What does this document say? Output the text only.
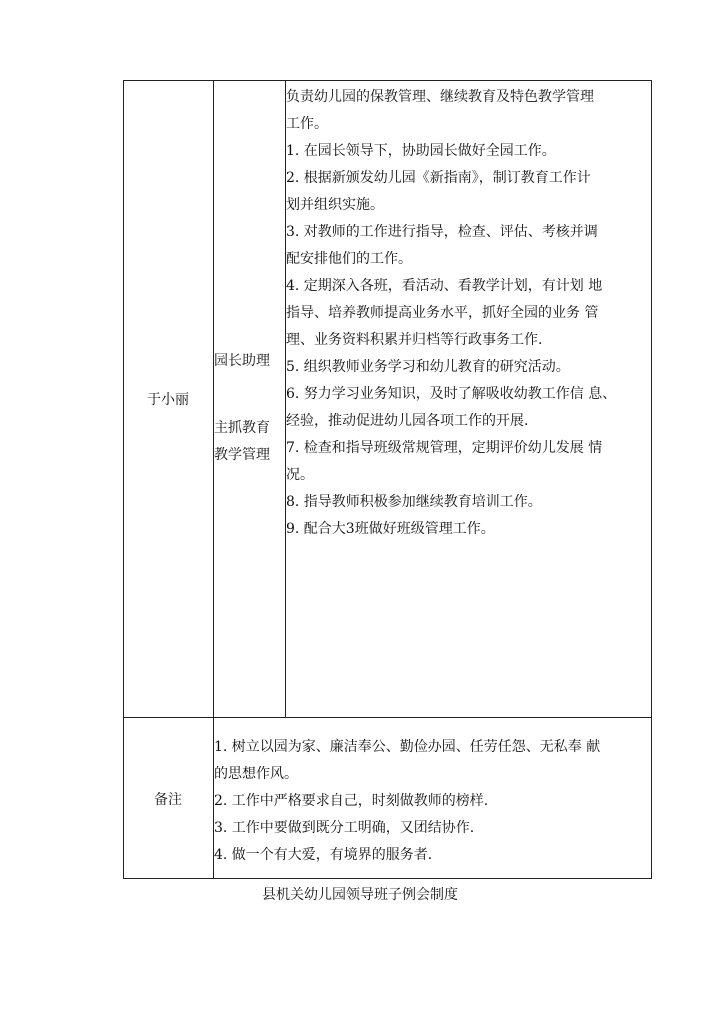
于小丽
园长助理
主抓教育
教学管理
负责幼儿园的保教管理、继续教育及特色教学管理
工作。
1. 在园长领导下，协助园长做好全园工作。
2. 根据新颁发幼儿园《新指南》，制订教育工作计
划并组织实施。
3. 对教师的工作进行指导，检查、评估、考核并调
配安排他们的工作。
4. 定期深入各班，看活动、看教学计划，有计划 地
指导、培养教师提高业务水平，抓好全园的业务 管
理、业务资料积累并归档等行政事务工作.
5. 组织教师业务学习和幼儿教育的研究活动。
6. 努力学习业务知识，及时了解吸收幼教工作信 息、
经验，推动促进幼儿园各项工作的开展.
7. 检查和指导班级常规管理，定期评价幼儿发展 情
况。
8. 指导教师积极参加继续教育培训工作。
9. 配合大3班做好班级管理工作。
备注
1. 树立以园为家、廉洁奉公、勤俭办园、任劳任怨、无私奉 献
的思想作风。
2. 工作中严格要求自己，时刻做教师的榜样.
3. 工作中要做到既分工明确，又团结协作.
4. 做一个有大爱，有境界的服务者.
县机关幼儿园领导班子例会制度
